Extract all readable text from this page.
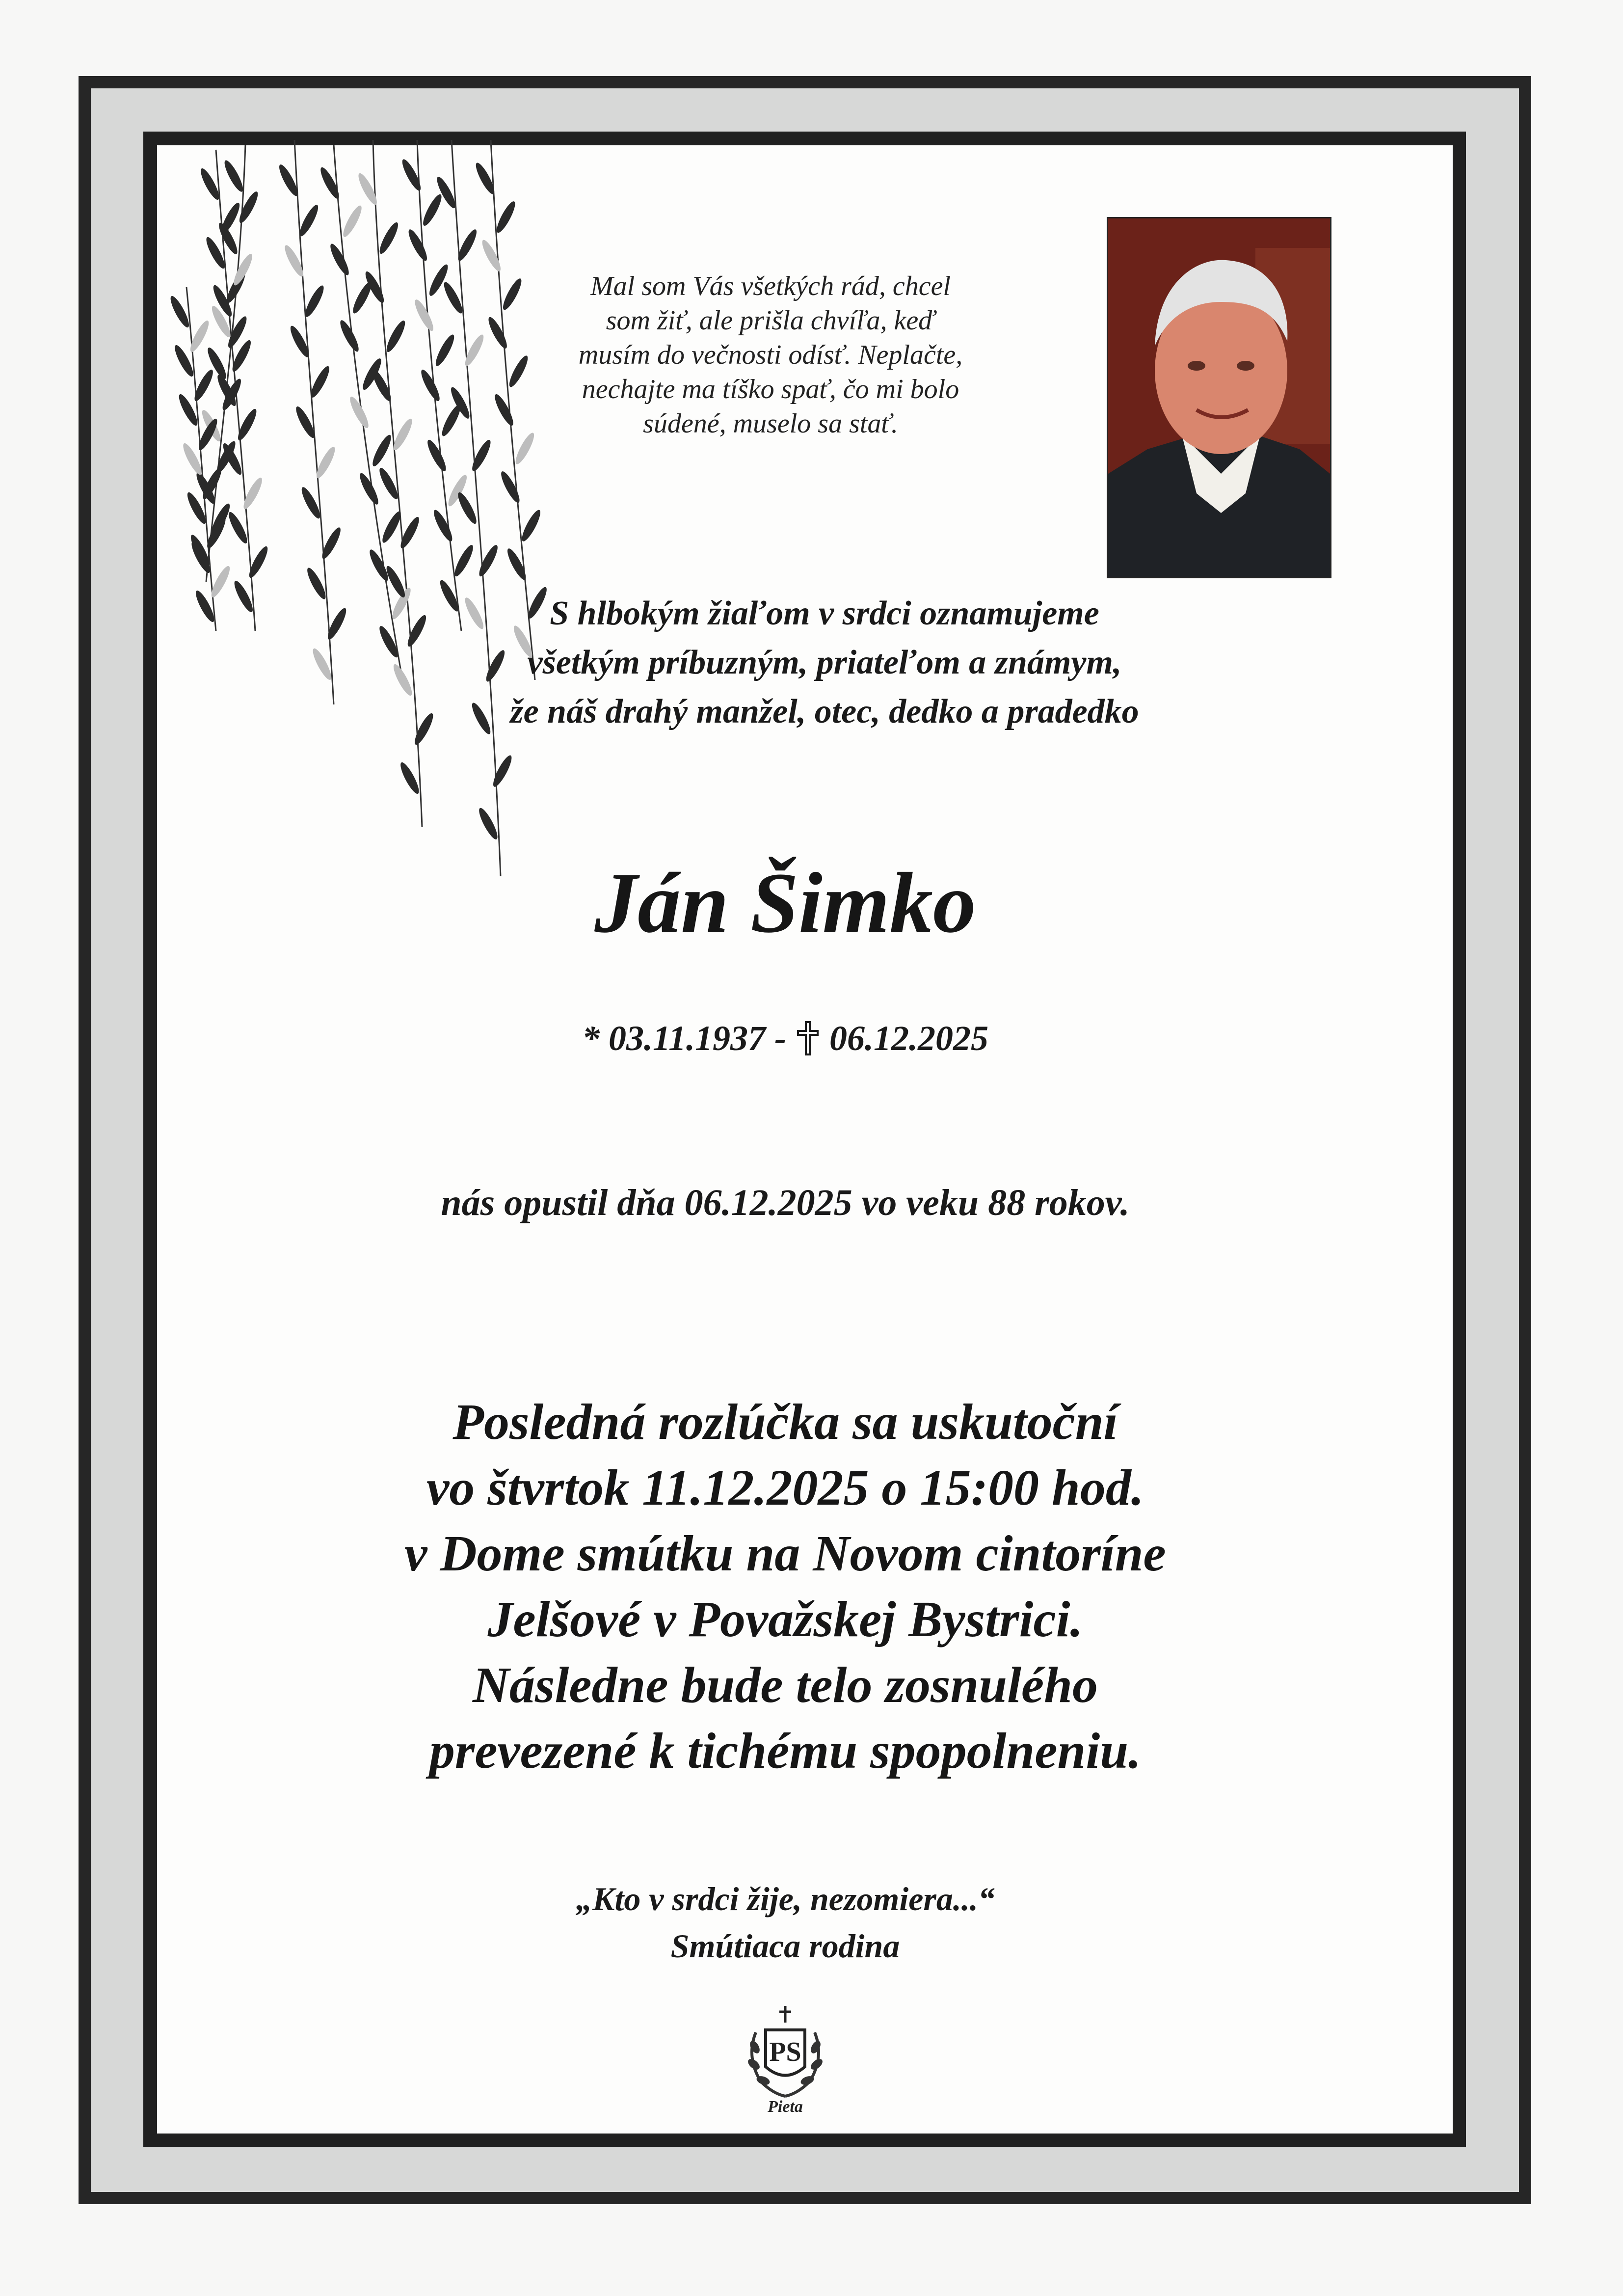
Mal som Vás všetkých rád, chcel
som žiť, ale prišla chvíľa, keď
musím do večnosti odísť. Neplačte,
nechajte ma tíško spať, čo mi bolo
súdené, muselo sa stať.
S hlbokým žiaľom v srdci oznamujeme
všetkým príbuzným, priateľom a známym,
že náš drahý manžel, otec, dedko a pradedko
Ján Šimko
* 03.11.1937 - 06.12.2025
nás opustil dňa 06.12.2025 vo veku 88 rokov.
Posledná rozlúčka sa uskutoční
vo štvrtok 11.12.2025 o 15:00 hod.
v Dome smútku na Novom cintoríne
Jelšové v Považskej Bystrici.
Následne bude telo zosnulého
prevezené k tichému spopolneniu.
„Kto v srdci žije, nezomiera...“
Smútiaca rodina
PS
Pieta
